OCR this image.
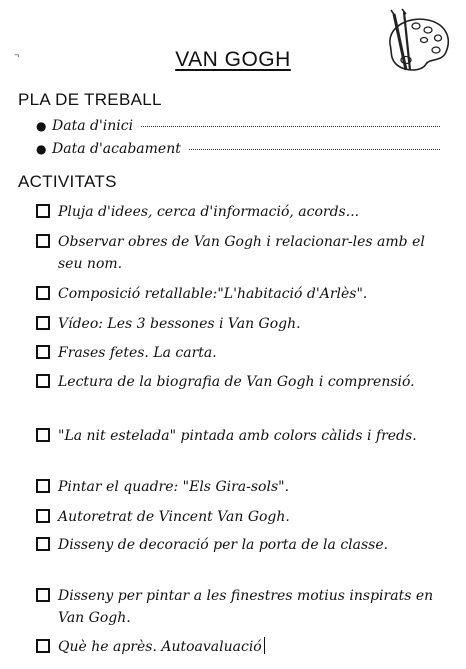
¬	VAN GOGH
PLA DE TREBALL
● Data d'inici
● Data d'acabament
ACTIVITATS
Pluja d'idees, cerca d'informació, acords...
Observar obres de Van Gogh i relacionar-les amb el seu nom.
Composició retallable:"L'habitació d'Arlès".
Vídeo: Les 3 bessones i Van Gogh.
Frases fetes. La carta.
Lectura de la biografia de Van Gogh i comprensió.
"La nit estelada" pintada amb colors càlids i freds.
Pintar el quadre: "Els Gira-sols".
Autoretrat de Vincent Van Gogh.
Disseny de decoració per la porta de la classe.
Disseny per pintar a les finestres motius inspirats en Van Gogh.
Què he après. Autoavaluació
